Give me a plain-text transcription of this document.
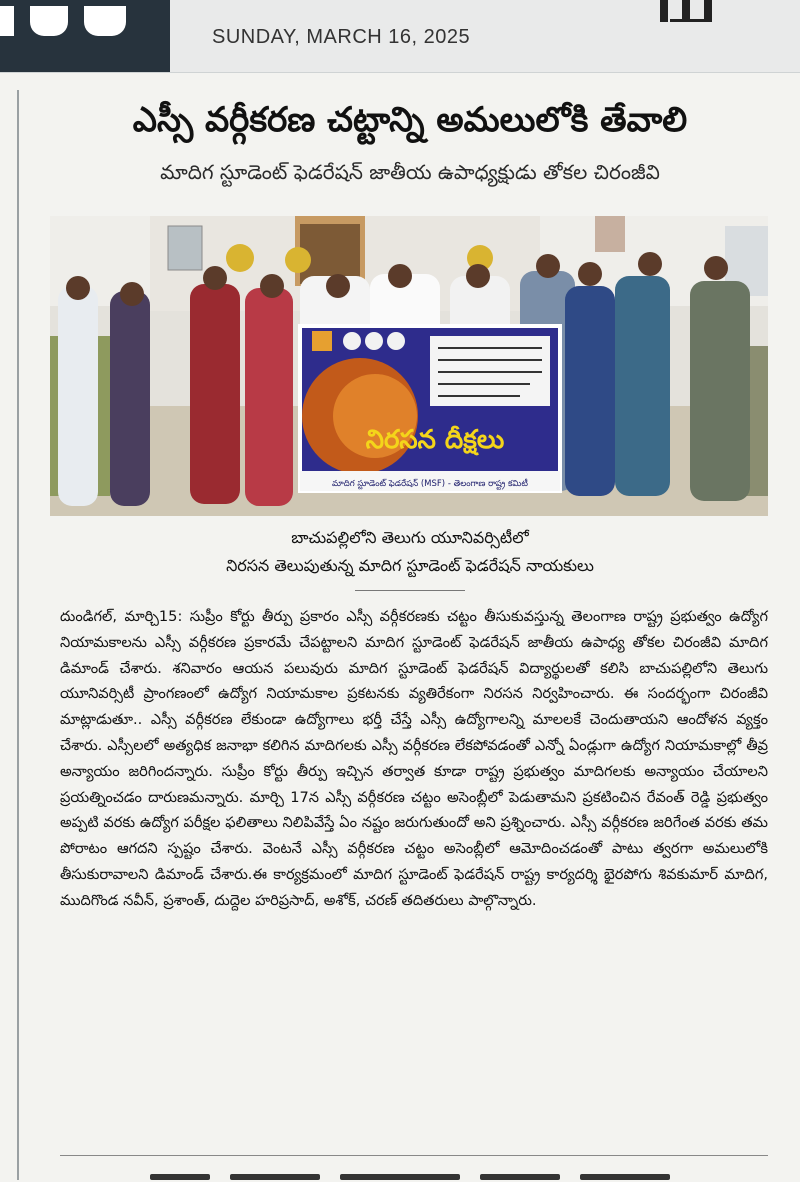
SUNDAY, MARCH 16, 2025
ఎస్సీ వర్గీకరణ చట్టాన్ని అమలులోకి తేవాలి
మాదిగ స్టూడెంట్ ఫెడరేషన్ జాతీయ ఉపాధ్యక్షుడు తోకల చిరంజీవి
నిరసన దీక్షలు
మాదిగ స్టూడెంట్ ఫెడరేషన్ (MSF) - తెలంగాణ రాష్ట్ర కమిటీ
బాచుపల్లిలోని తెలుగు యూనివర్సిటీలో
నిరసన తెలుపుతున్న మాదిగ స్టూడెంట్ ఫెడరేషన్ నాయకులు
దుండిగల్, మార్చి15: సుప్రీం కోర్టు తీర్పు ప్రకారం ఎస్సీ వర్గీకరణకు చట్టం తీసుకువస్తున్న తెలంగాణ రాష్ట్ర ప్రభుత్వం ఉద్యోగ నియామకాలను ఎస్సీ వర్గీకరణ ప్రకారమే చేపట్టాలని మాదిగ స్టూడెంట్ ఫెడరేషన్ జాతీయ ఉపాధ్య తోకల చిరంజీవి మాదిగ డిమాండ్ చేశారు. శనివారం ఆయన పలువురు మాదిగ స్టూడెంట్ ఫెడరేషన్ విద్యార్థులతో కలిసి బాచుపల్లిలోని తెలుగు యూనివర్సిటీ ప్రాంగణంలో ఉద్యోగ నియామకాల ప్రకటనకు వ్యతిరేకంగా నిరసన నిర్వహించారు. ఈ సందర్భంగా చిరంజీవి మాట్లాడుతూ.. ఎస్సీ వర్గీకరణ లేకుండా ఉద్యోగాలు భర్తీ చేస్తే ఎస్సీ ఉద్యోగాలన్ని మాలలకే చెందుతాయని ఆందోళన వ్యక్తం చేశారు. ఎస్సీలలో అత్యధిక జనాభా కలిగిన మాదిగలకు ఎస్సీ వర్గీకరణ లేకపోవడంతో ఎన్నో ఏండ్లుగా ఉద్యోగ నియామకాల్లో తీవ్ర అన్యాయం జరిగిందన్నారు. సుప్రీం కోర్టు తీర్పు ఇచ్చిన తర్వాత కూడా రాష్ట్ర ప్రభుత్వం మాదిగలకు అన్యాయం చేయాలని ప్రయత్నించడం దారుణమన్నారు. మార్చి 17న ఎస్సీ వర్గీకరణ చట్టం అసెంబ్లీలో పెడుతామని ప్రకటించిన రేవంత్ రెడ్డి ప్రభుత్వం అప్పటి వరకు ఉద్యోగ పరీక్షల ఫలితాలు నిలిపివేస్తే ఏం నష్టం జరుగుతుందో అని ప్రశ్నించారు. ఎస్సీ వర్గీకరణ జరిగేంత వరకు తమ పోరాటం ఆగదని స్పష్టం చేశారు. వెంటనే ఎస్సీ వర్గీకరణ చట్టం అసెంబ్లీలో ఆమోదించడంతో పాటు త్వరగా అమలులోకి తీసుకురావాలని డిమాండ్ చేశారు.ఈ కార్యక్రమంలో మాదిగ స్టూడెంట్ ఫెడరేషన్ రాష్ట్ర కార్యదర్శి భైరపోగు శివకుమార్ మాదిగ, ముదిగొండ నవీన్, ప్రశాంత్, దుద్దెల హరిప్రసాద్, అశోక్, చరణ్ తదితరులు పాల్గొన్నారు.
